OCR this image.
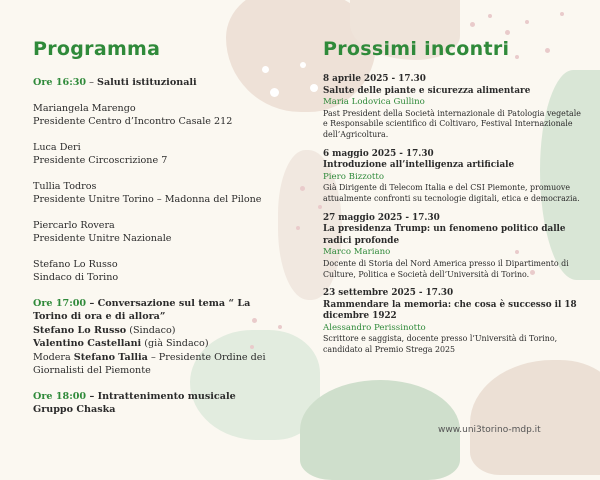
Programma
Ore 16:30 – Saluti istituzionali
Mariangela Marengo
Presidente Centro d’Incontro Casale 212
Luca Deri
Presidente Circoscrizione 7
Tullia Todros
Presidente Unitre Torino – Madonna del Pilone
Piercarlo Rovera
Presidente Unitre Nazionale
Stefano Lo Russo
Sindaco di Torino
Ore 17:00 – Conversazione sul tema “ La Torino di ora e di allora”
Stefano Lo Russo (Sindaco)
Valentino Castellani (già Sindaco)
Modera Stefano Tallia – Presidente Ordine dei Giornalisti del Piemonte
Ore 18:00 – Intrattenimento musicale
Gruppo Chaska
Prossimi incontri
8 aprile 2025 - 17.30
Salute delle piante e sicurezza alimentare
Maria Lodovica Gullino
Past President della Società internazionale di Patologia vegetale e Responsabile scientifico di Coltivaro, Festival Internazionale dell’Agricoltura.
6 maggio 2025 - 17.30
Introduzione all’intelligenza artificiale
Piero Bizzotto
Già Dirigente di Telecom Italia e del CSI Piemonte, promuove attualmente confronti su tecnologie digitali, etica e democrazia.
27 maggio 2025 - 17.30
La presidenza Trump: un fenomeno politico dalle radici profonde
Marco Mariano
Docente di Storia del Nord America presso il Dipartimento di Culture, Politica e Società dell’Università di Torino.
23 settembre 2025 - 17.30
Rammendare la memoria: che cosa è successo il 18 dicembre 1922
Alessandro Perissinotto
Scrittore e saggista, docente presso l’Università di Torino, candidato al Premio Strega 2025
www.uni3torino-mdp.it
